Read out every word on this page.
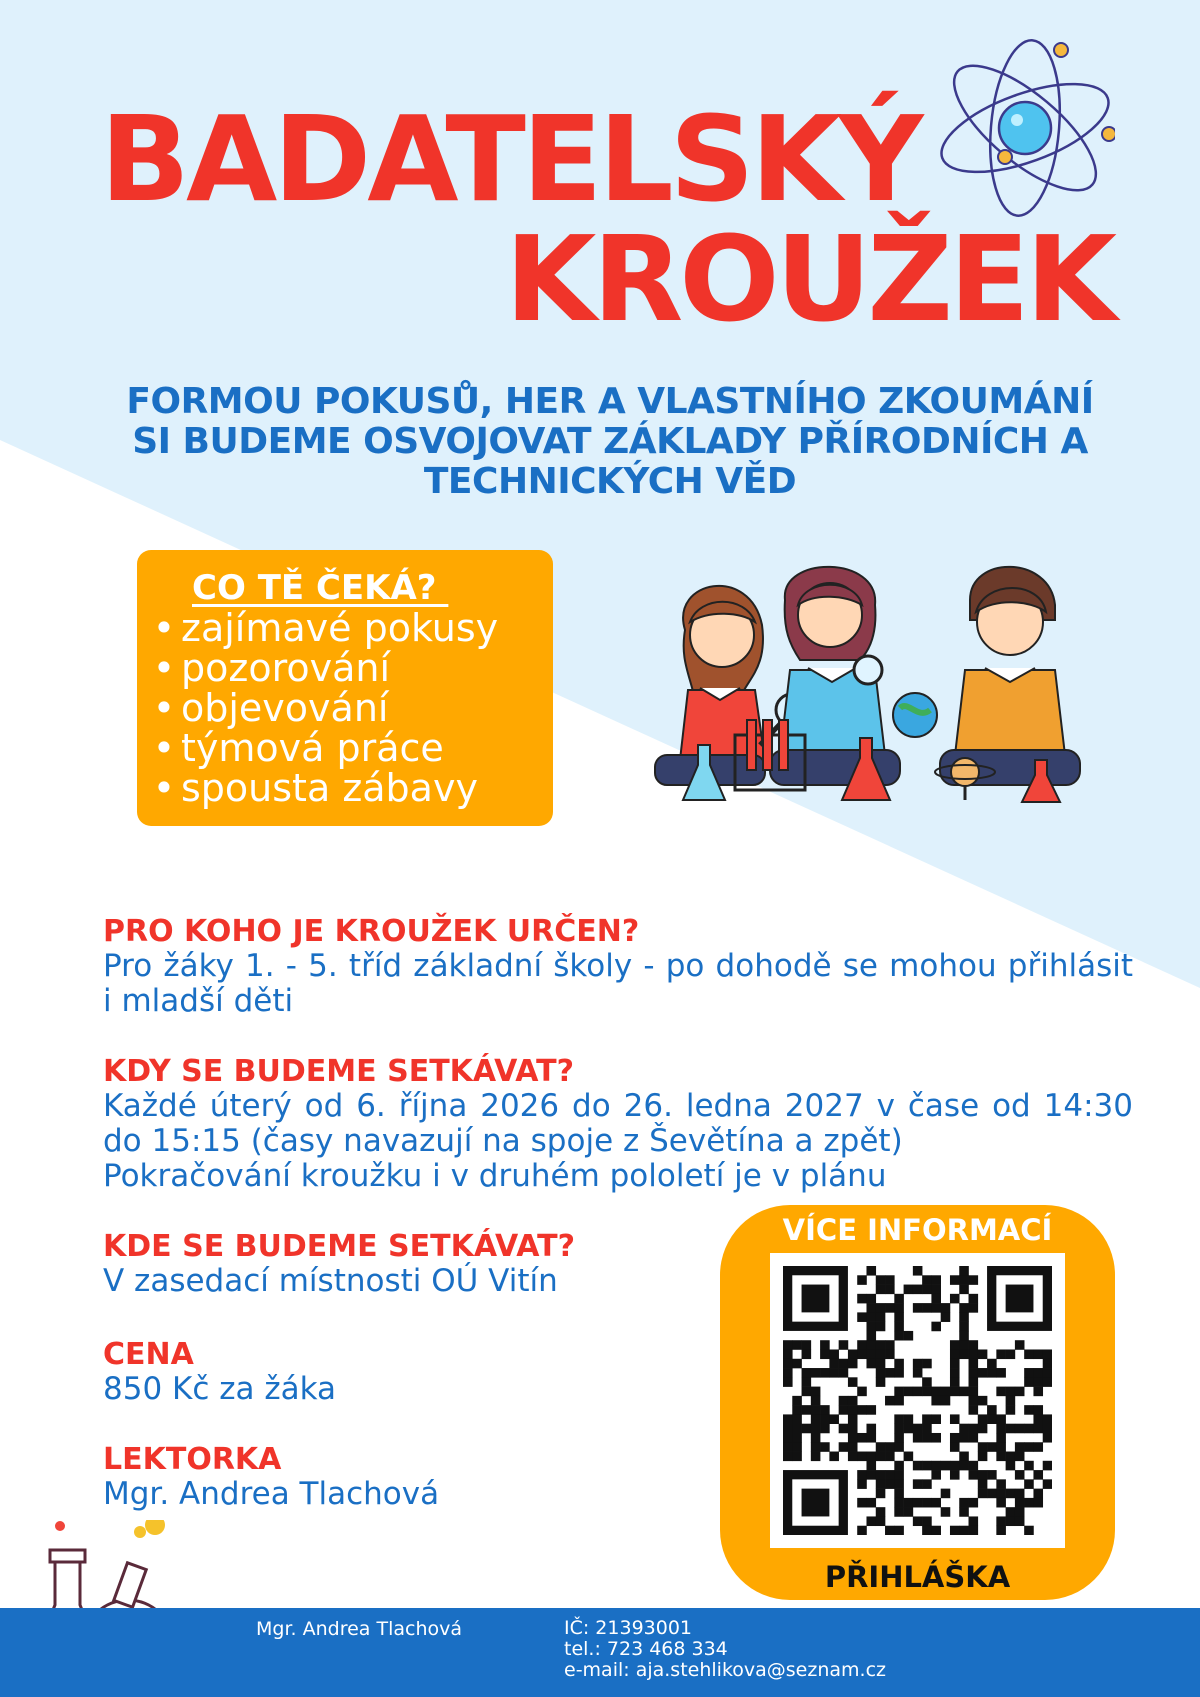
BADATELSKÝ
KROUŽEK
FORMOU POKUSŮ, HER A VLASTNÍHO ZKOUMÁNÍ
SI BUDEME OSVOJOVAT ZÁKLADY PŘÍRODNÍCH A
TECHNICKÝCH VĚD
CO TĚ ČEKÁ?
• zajímavé pokusy
• pozorování
• objevování
• týmová práce
• spousta zábavy
PRO KOHO JE KROUŽEK URČEN?
Pro žáky 1. - 5. tříd základní školy - po dohodě se mohou přihlásit i mladší děti
KDY SE BUDEME SETKÁVAT?
Každé úterý od 6. října 2026 do 26. ledna 2027 v čase od 14:30 do 15:15 (časy navazují na spoje z Ševětína a zpět)
Pokračování kroužku i v druhém pololetí je v plánu
KDE SE BUDEME SETKÁVAT?
V zasedací místnosti OÚ Vitín
CENA
850 Kč za žáka
LEKTORKA
Mgr. Andrea Tlachová
VÍCE INFORMACÍ
PŘIHLÁŠKA
Mgr. Andrea Tlachová	IČ: 21393001
tel.: 723 468 334
e-mail: aja.stehlikova@seznam.cz
